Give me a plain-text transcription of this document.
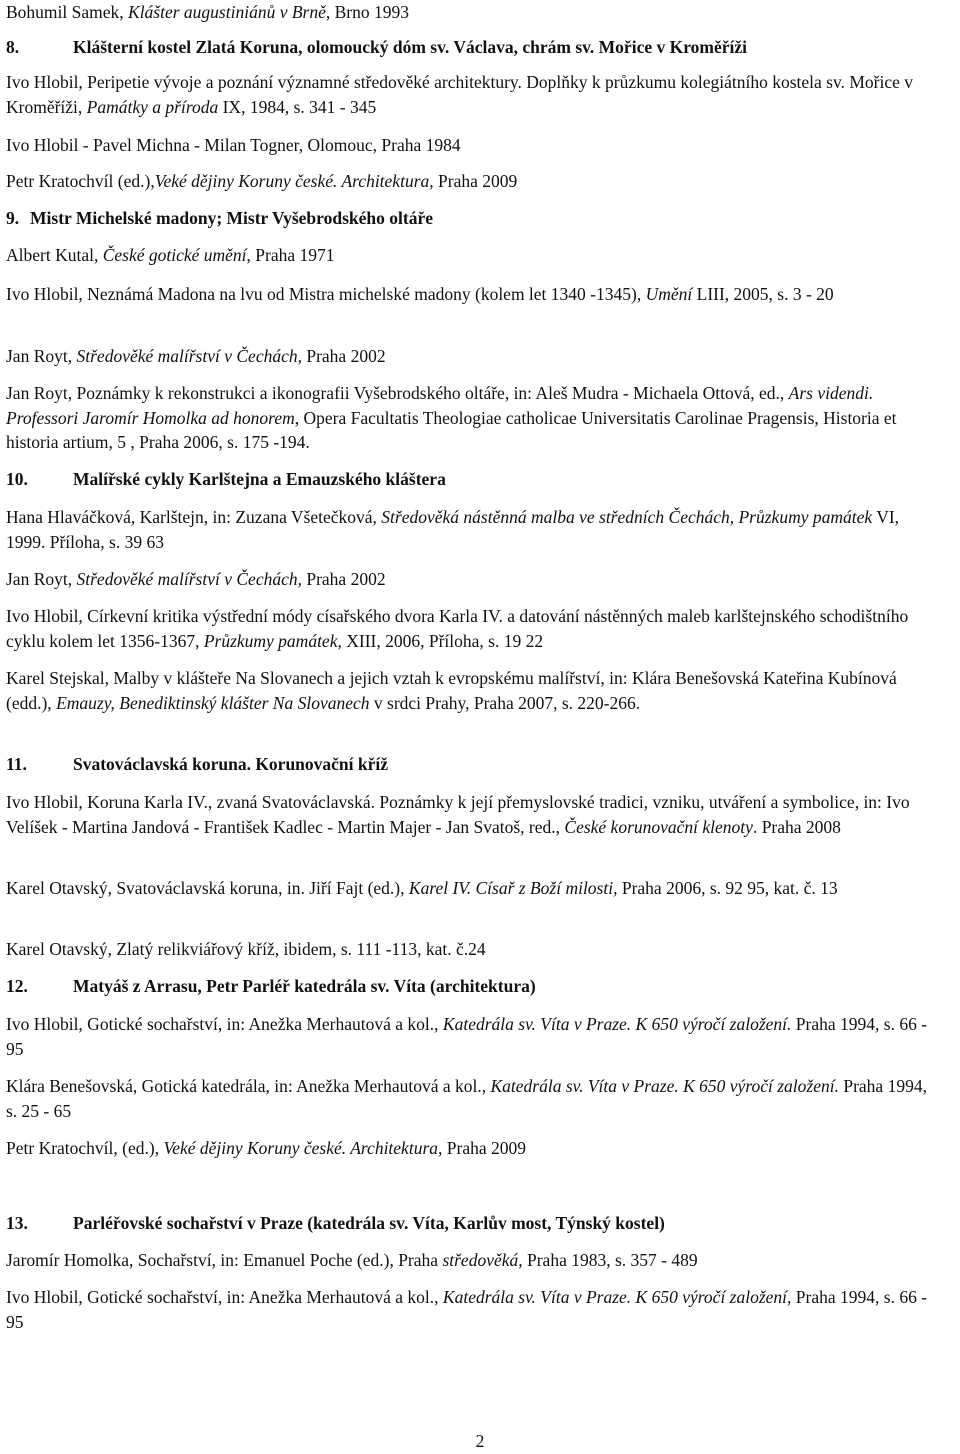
Bohumil Samek, Klášter augustiniánů v Brně, Brno 1993
8.	Klášterní kostel Zlatá Koruna, olomoucký dóm sv. Václava, chrám sv. Mořice v Kroměříži
Ivo Hlobil, Peripetie vývoje a poznání významné středověké architektury. Doplňky k průzkumu kolegiátního kostela sv. Mořice v Kroměříži, Památky a příroda IX, 1984, s. 341 - 345
Ivo Hlobil - Pavel Michna - Milan Togner, Olomouc, Praha 1984
Petr Kratochvíl (ed.),Veké dějiny Koruny české. Architektura, Praha 2009
9. Mistr Michelské madony; Mistr Vyšebrodského oltáře
Albert Kutal, České gotické umění, Praha 1971
Ivo Hlobil, Neznámá Madona na lvu od Mistra michelské madony (kolem let 1340 -1345), Umění LIII, 2005, s. 3 - 20
Jan Royt, Středověké malířství v Čechách, Praha 2002
Jan Royt, Poznámky k rekonstrukci a ikonografii Vyšebrodského oltáře, in: Aleš Mudra - Michaela Ottová, ed., Ars videndi. Professori Jaromír Homolka ad honorem, Opera Facultatis Theologiae catholicae Universitatis Carolinae Pragensis, Historia et historia artium, 5 , Praha 2006, s. 175 -194.
10.	Malířské cykly Karlštejna a Emauzského kláštera
Hana Hlaváčková, Karlštejn, in: Zuzana Všetečková, Středověká nástěnná malba ve středních Čechách, Průzkumy památek VI, 1999. Příloha, s. 39 63
Jan Royt, Středověké malířství v Čechách, Praha 2002
Ivo Hlobil, Církevní kritika výstřední módy císařského dvora Karla IV. a datování nástěnných maleb karlštejnského schodištního cyklu kolem let 1356-1367, Průzkumy památek, XIII, 2006, Příloha, s. 19 22
Karel Stejskal, Malby v klášteře Na Slovanech a jejich vztah k evropskému malířství, in: Klára Benešovská Kateřina Kubínová (edd.), Emauzy, Benediktinský klášter Na Slovanech v srdci Prahy, Praha 2007, s. 220-266.
11.	Svatováclavská koruna. Korunovační kříž
Ivo Hlobil, Koruna Karla IV., zvaná Svatováclavská. Poznámky k její přemyslovské tradici, vzniku, utváření a symbolice, in: Ivo Velíšek - Martina Jandová - František Kadlec - Martin Majer - Jan Svatoš, red., České korunovační klenoty. Praha 2008
Karel Otavský, Svatováclavská koruna, in. Jiří Fajt (ed.), Karel IV. Císař z Boží milosti, Praha 2006, s. 92 95, kat. č. 13
Karel Otavský, Zlatý relikviářový kříž, ibidem, s. 111 -113, kat. č.24
12.	Matyáš z Arrasu, Petr Parléř katedrála sv. Víta (architektura)
Ivo Hlobil, Gotické sochařství, in: Anežka Merhautová a kol., Katedrála sv. Víta v Praze. K 650 výročí založení. Praha 1994, s. 66 - 95
Klára Benešovská, Gotická katedrála, in: Anežka Merhautová a kol., Katedrála sv. Víta v Praze. K 650 výročí založení. Praha 1994, s. 25 - 65
Petr Kratochvíl, (ed.), Veké dějiny Koruny české. Architektura, Praha 2009
13.	Parléřovské sochařství v Praze (katedrála sv. Víta, Karlův most, Týnský kostel)
Jaromír Homolka, Sochařství, in: Emanuel Poche (ed.), Praha středověká, Praha 1983, s. 357 - 489
Ivo Hlobil, Gotické sochařství, in: Anežka Merhautová a kol., Katedrála sv. Víta v Praze. K 650 výročí založení, Praha 1994, s. 66 - 95
2
